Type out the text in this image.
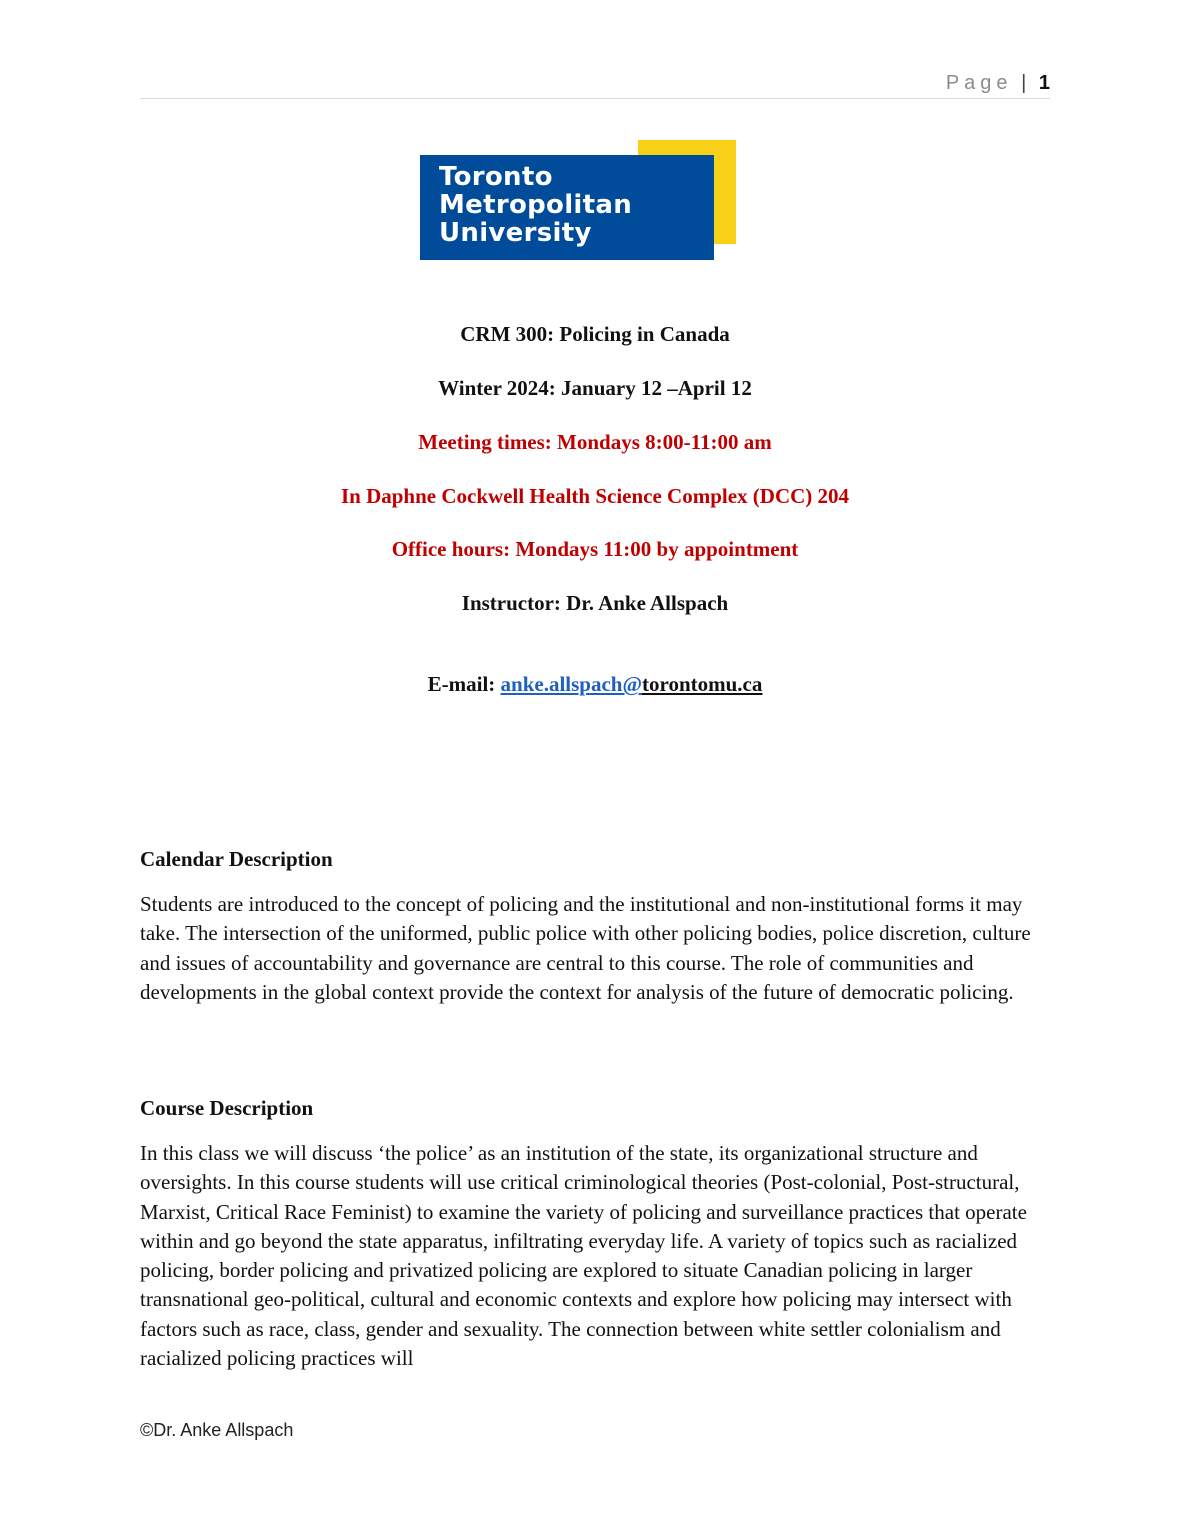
Page | 1
Toronto
Metropolitan
University
CRM 300: Policing in Canada
Winter 2024: January 12 –April 12
Meeting times: Mondays 8:00-11:00 am
In Daphne Cockwell Health Science Complex (DCC) 204
Office hours: Mondays 11:00 by appointment
Instructor: Dr. Anke Allspach
E-mail: anke.allspach@torontomu.ca
Calendar Description

Students are introduced to the concept of policing and the institutional and non-institutional forms it may take. The intersection of the uniformed, public police with other policing bodies, police discretion, culture and issues of accountability and governance are central to this course. The role of communities and developments in the global context provide the context for analysis of the future of democratic policing.

Course Description

In this class we will discuss ‘the police’ as an institution of the state, its organizational structure and oversights. In this course students will use critical criminological theories (Post-colonial, Post-structural, Marxist, Critical Race Feminist) to examine the variety of policing and surveillance practices that operate within and go beyond the state apparatus, infiltrating everyday life. A variety of topics such as racialized policing, border policing and privatized policing are explored to situate Canadian policing in larger transnational geo-political, cultural and economic contexts and explore how policing may intersect with factors such as race, class, gender and sexuality. The connection between white settler colonialism and racialized policing practices will

©Dr. Anke Allspach
